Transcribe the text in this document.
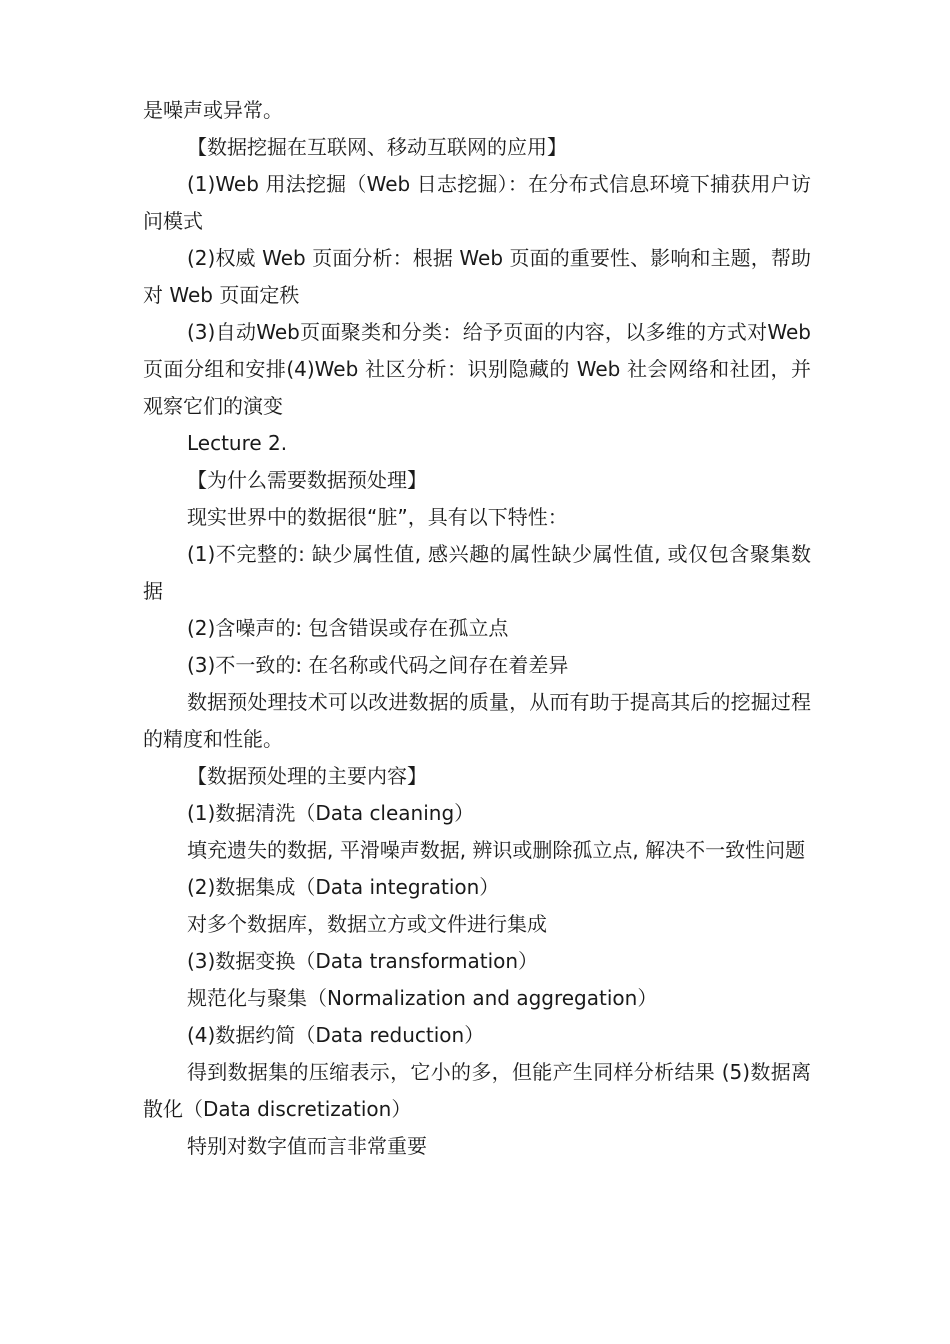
是噪声或异常。

【数据挖掘在互联网、移动互联网的应用】

(1)Web 用法挖掘（Web 日志挖掘）：在分布式信息环境下捕获用户访问模式

(2)权威 Web 页面分析：根据 Web 页面的重要性、影响和主题，帮助对 Web 页面定秩

(3)自动Web页面聚类和分类：给予页面的内容，以多维的方式对Web 页面分组和安排(4)Web 社区分析：识别隐藏的 Web 社会网络和社团，并观察它们的演变

Lecture 2.

【为什么需要数据预处理】

现实世界中的数据很“脏”，具有以下特性：

(1)不完整的: 缺少属性值, 感兴趣的属性缺少属性值, 或仅包含聚集数据

(2)含噪声的: 包含错误或存在孤立点

(3)不一致的: 在名称或代码之间存在着差异

数据预处理技术可以改进数据的质量，从而有助于提高其后的挖掘过程的精度和性能。

【数据预处理的主要内容】

(1)数据清洗（Data cleaning）

填充遗失的数据, 平滑噪声数据, 辨识或删除孤立点, 解决不一致性问题

(2)数据集成（Data integration）

对多个数据库，数据立方或文件进行集成

(3)数据变换（Data transformation）

规范化与聚集（Normalization and aggregation）

(4)数据约简（Data reduction）

得到数据集的压缩表示，它小的多，但能产生同样分析结果 (5)数据离散化（Data discretization）

特别对数字值而言非常重要
